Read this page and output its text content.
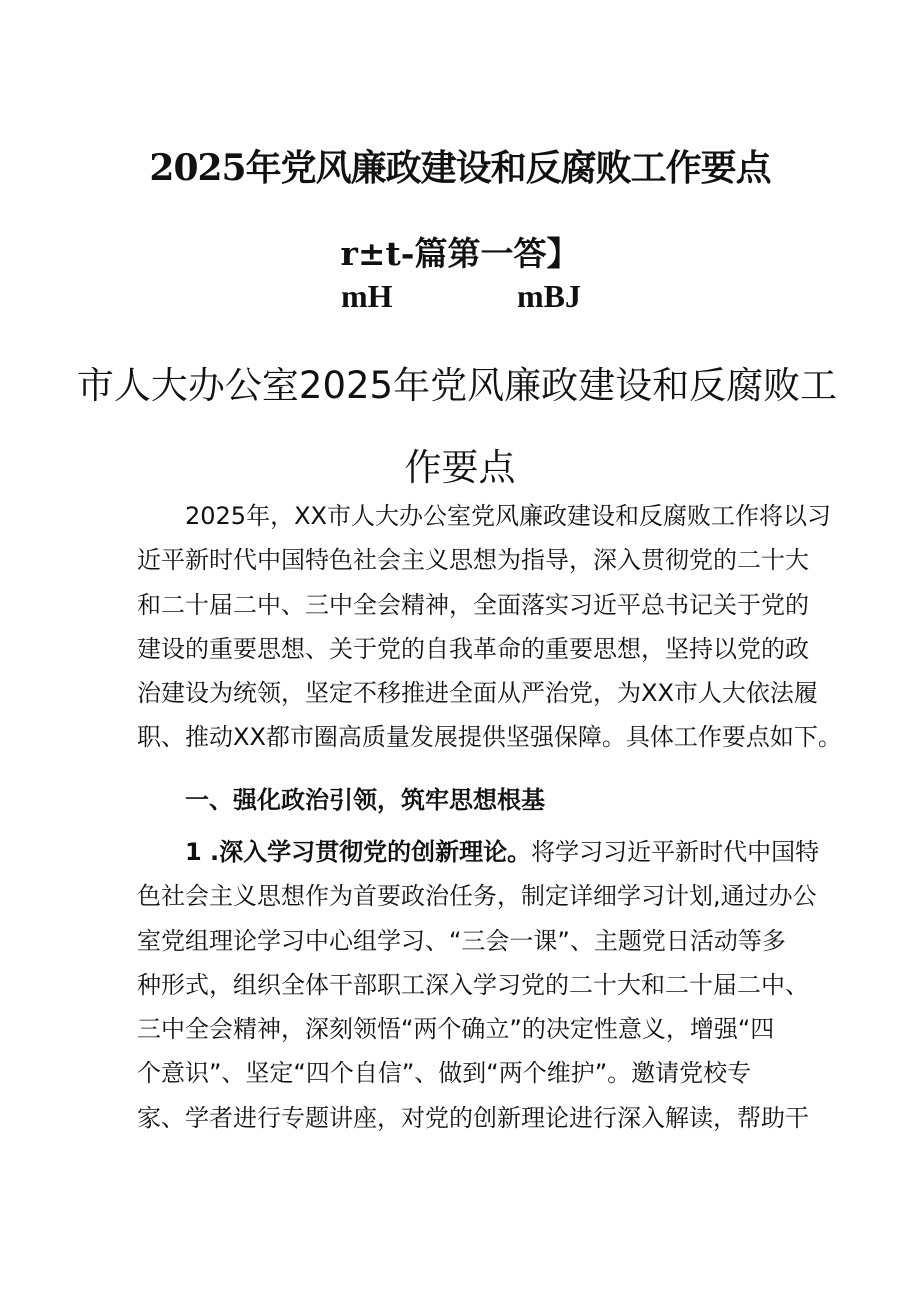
2025年党风廉政建设和反腐败工作要点
r±t-篇第一答】
mH	mBJ
市人大办公室2025年党风廉政建设和反腐败工
作要点
2025年，XX市人大办公室党风廉政建设和反腐败工作将以习
近平新时代中国特色社会主义思想为指导，深入贯彻党的二十大
和二十届二中、三中全会精神，全面落实习近平总书记关于党的
建设的重要思想、关于党的自我革命的重要思想，坚持以党的政
治建设为统领，坚定不移推进全面从严治党，为XX市人大依法履
职、推动XX都市圈高质量发展提供坚强保障。具体工作要点如下。
一、强化政治引领，筑牢思想根基
1 .深入学习贯彻党的创新理论。将学习习近平新时代中国特
色社会主义思想作为首要政治任务，制定详细学习计划,通过办公
室党组理论学习中心组学习、“三会一课”、主题党日活动等多
种形式，组织全体干部职工深入学习党的二十大和二十届二中、
三中全会精神，深刻领悟“两个确立”的决定性意义，增强“四
个意识”、坚定“四个自信”、做到“两个维护”。邀请党校专
家、学者进行专题讲座，对党的创新理论进行深入解读，帮助干
